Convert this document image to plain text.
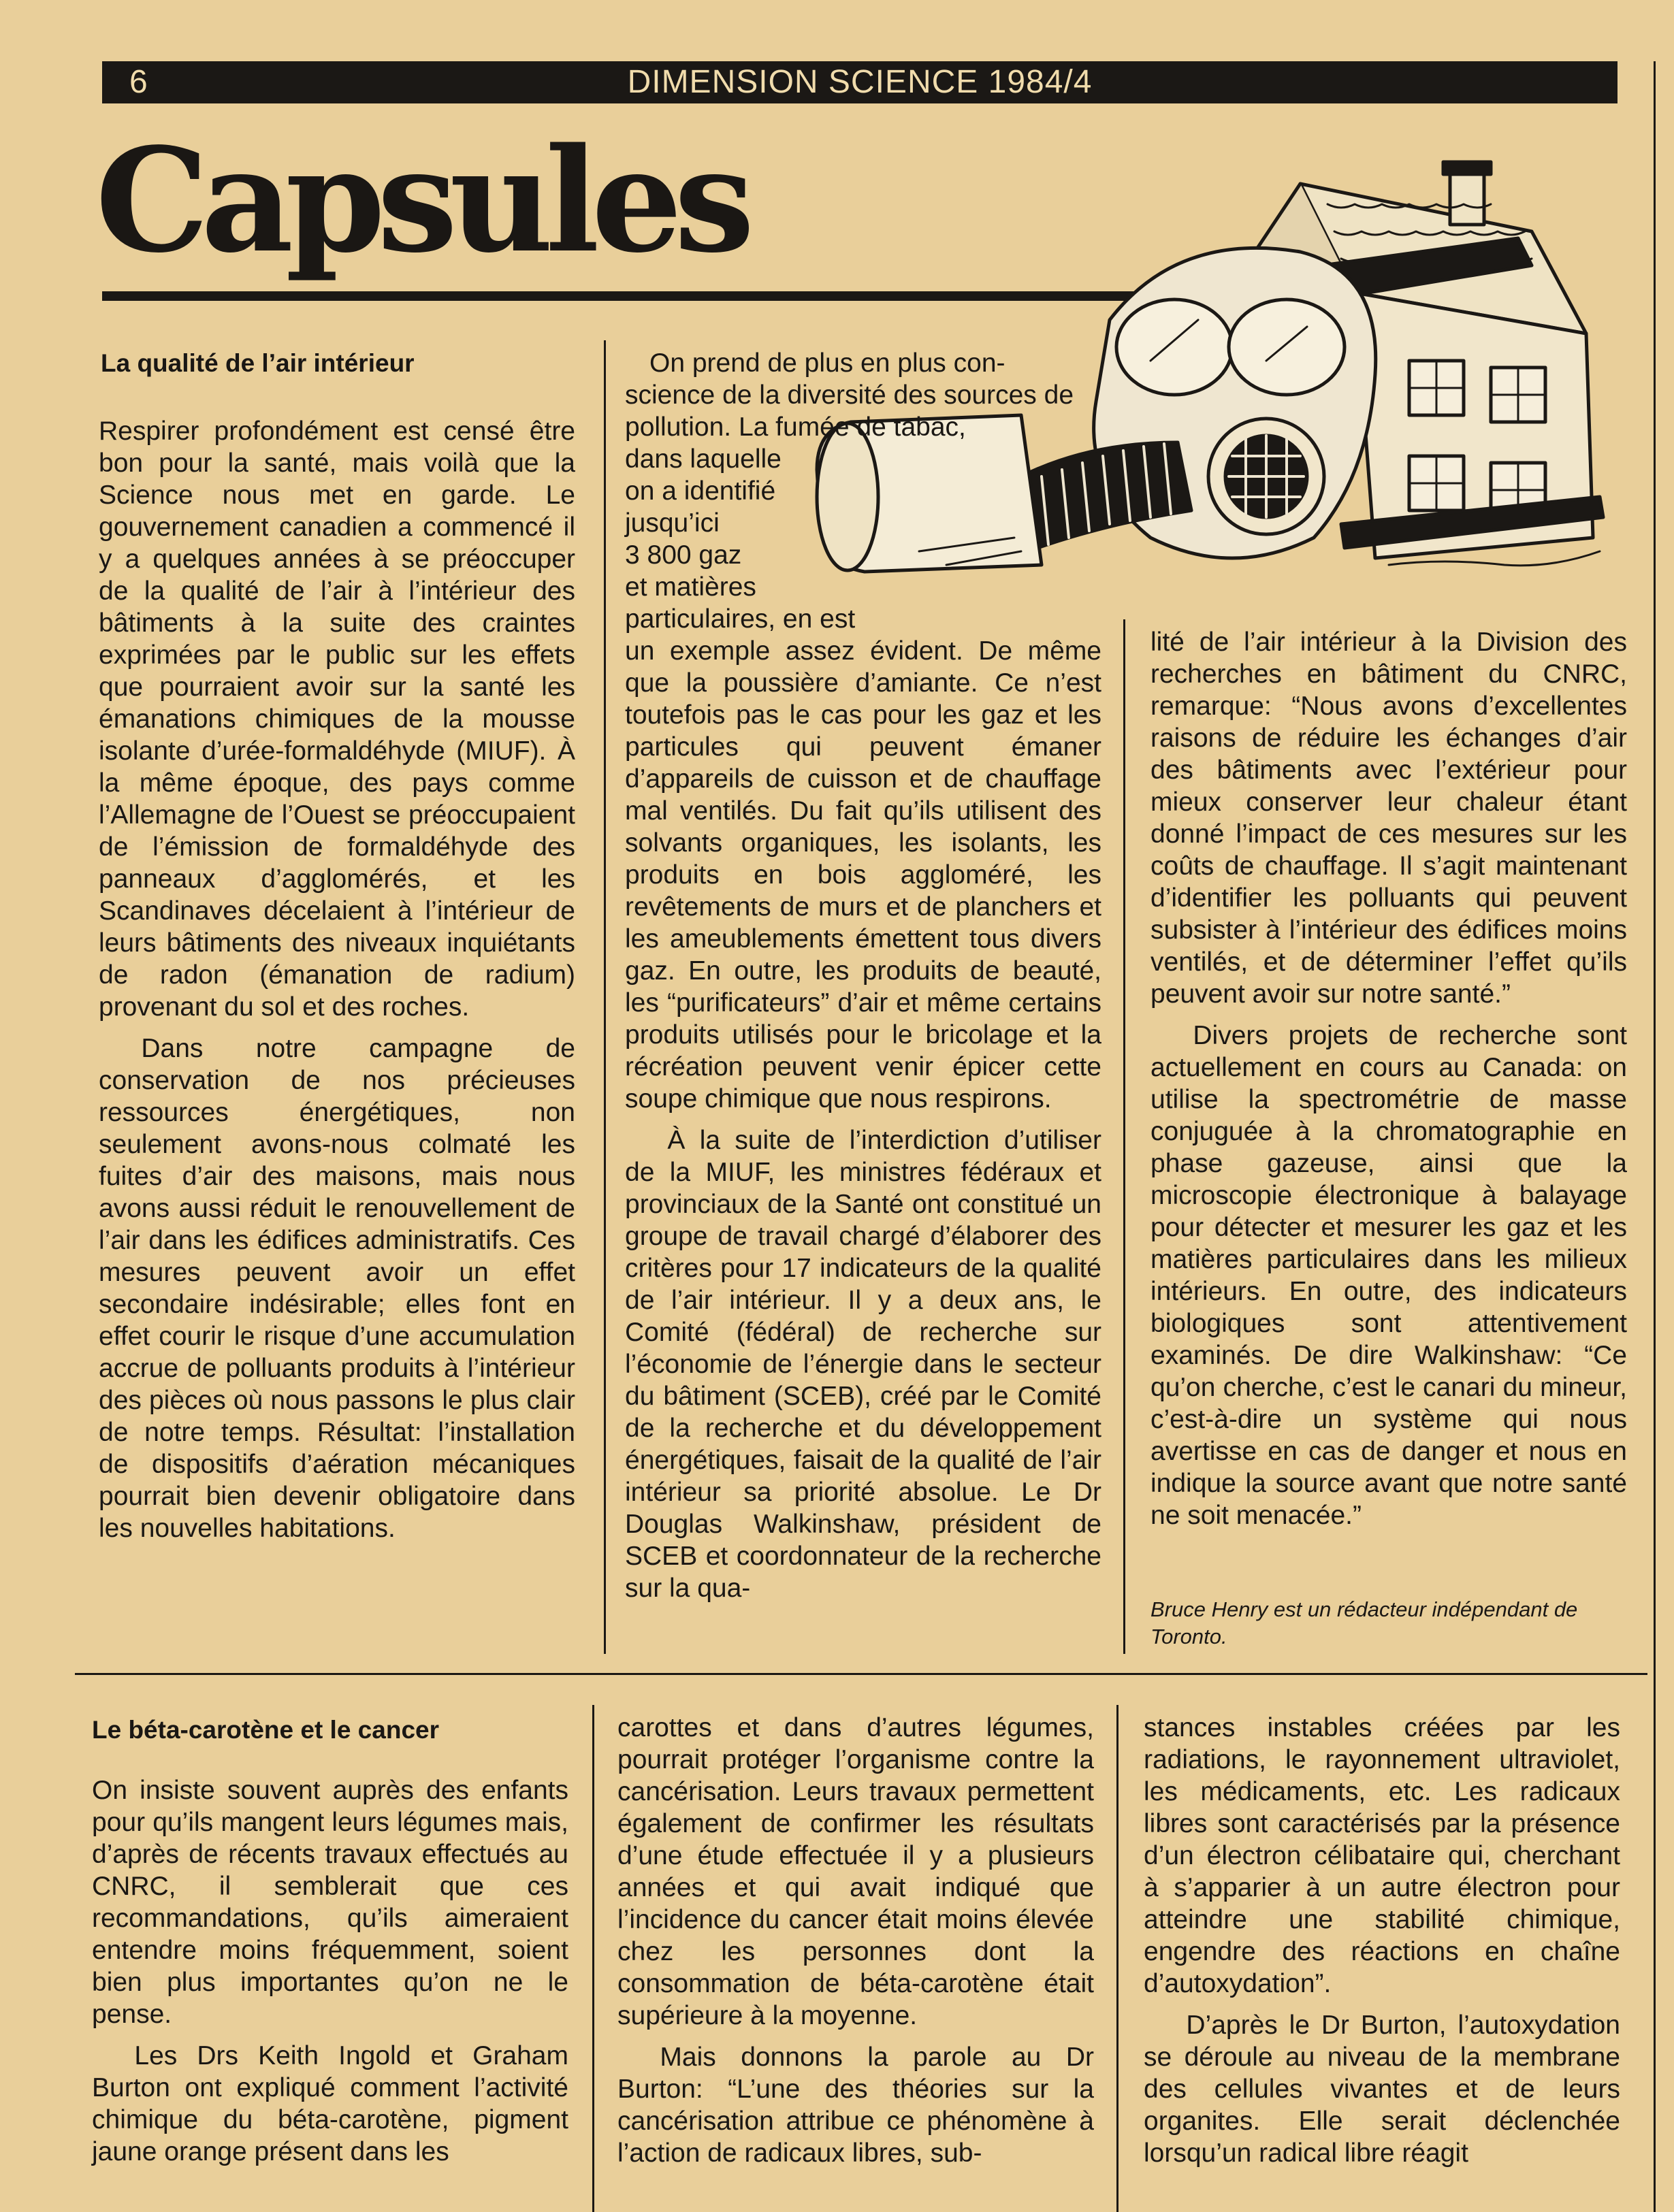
6	DIMENSION SCIENCE 1984/4
Capsules
La qualité de l’air intérieur

Respirer profondément est censé être bon pour la santé, mais voilà que la Science nous met en garde. Le gouvernement canadien a commencé il y a quelques années à se préoccuper de la qualité de l’air à l’intérieur des bâtiments à la suite des craintes exprimées par le public sur les effets que pourraient avoir sur la santé les émanations chimiques de la mousse isolante d’urée-formaldéhyde (MIUF). À la même époque, des pays comme l’Allemagne de l’Ouest se préoccupaient de l’émission de formaldéhyde des panneaux d’agglomérés, et les Scandinaves décelaient à l’intérieur de leurs bâtiments des niveaux inquiétants de radon (émanation de radium) provenant du sol et des roches.

Dans notre campagne de conservation de nos précieuses ressources énergétiques, non seulement avons-nous colmaté les fuites d’air des maisons, mais nous avons aussi réduit le renouvellement de l’air dans les édifices administratifs. Ces mesures peuvent avoir un effet secondaire indésirable; elles font en effet courir le risque d’une accumulation accrue de polluants produits à l’intérieur des pièces où nous passons le plus clair de notre temps. Résultat: l’installation de dispositifs d’aération mécaniques pourrait bien devenir obligatoire dans les nouvelles habitations.

On prend de plus en plus con-
science de la diversité des sources de
pollution. La fumée de tabac,
dans laquelle
on a identifié
jusqu’ici
3 800 gaz
et matières
particulaires, en est

un exemple assez évident. De même que la poussière d’amiante. Ce n’est toutefois pas le cas pour les gaz et les particules qui peuvent émaner d’appareils de cuisson et de chauffage mal ventilés. Du fait qu’ils utilisent des solvants organiques, les isolants, les produits en bois aggloméré, les revêtements de murs et de planchers et les ameublements émettent tous divers gaz. En outre, les produits de beauté, les “purificateurs” d’air et même certains produits utilisés pour le bricolage et la récréation peuvent venir épicer cette soupe chimique que nous respirons.

À la suite de l’interdiction d’utiliser de la MIUF, les ministres fédéraux et provinciaux de la Santé ont constitué un groupe de travail chargé d’élaborer des critères pour 17 indicateurs de la qualité de l’air intérieur. Il y a deux ans, le Comité (fédéral) de recherche sur l’économie de l’énergie dans le secteur du bâtiment (SCEB), créé par le Comité de la recherche et du développement énergétiques, faisait de la qualité de l’air intérieur sa priorité absolue. Le Dr Douglas Walkinshaw, président de SCEB et coordonnateur de la recherche sur la qua-

lité de l’air intérieur à la Division des recherches en bâtiment du CNRC, remarque: “Nous avons d’excellentes raisons de réduire les échanges d’air des bâtiments avec l’extérieur pour mieux conserver leur chaleur étant donné l’impact de ces mesures sur les coûts de chauffage. Il s’agit maintenant d’identifier les polluants qui peuvent subsister à l’intérieur des édifices moins ventilés, et de déterminer l’effet qu’ils peuvent avoir sur notre santé.”

Divers projets de recherche sont actuellement en cours au Canada: on utilise la spectrométrie de masse conjuguée à la chromatographie en phase gazeuse, ainsi que la microscopie électronique à balayage pour détecter et mesurer les gaz et les matières particulaires dans les milieux intérieurs. En outre, des indicateurs biologiques sont attentivement examinés. De dire Walkinshaw: “Ce qu’on cherche, c’est le canari du mineur, c’est-à-dire un système qui nous avertisse en cas de danger et nous en indique la source avant que notre santé ne soit menacée.”

Bruce Henry est un rédacteur indépendant de Toronto.

Le béta-carotène et le cancer

On insiste souvent auprès des enfants pour qu’ils mangent leurs légumes mais, d’après de récents travaux effectués au CNRC, il semblerait que ces recommandations, qu’ils aimeraient entendre moins fréquemment, soient bien plus importantes qu’on ne le pense.

Les Drs Keith Ingold et Graham Burton ont expliqué comment l’activité chimique du béta-carotène, pigment jaune orange présent dans les

carottes et dans d’autres légumes, pourrait protéger l’organisme contre la cancérisation. Leurs travaux permettent également de confirmer les résultats d’une étude effectuée il y a plusieurs années et qui avait indiqué que l’incidence du cancer était moins élevée chez les personnes dont la consommation de béta-carotène était supérieure à la moyenne.

Mais donnons la parole au Dr Burton: “L’une des théories sur la cancérisation attribue ce phénomène à l’action de radicaux libres, sub-

stances instables créées par les radiations, le rayonnement ultraviolet, les médicaments, etc. Les radicaux libres sont caractérisés par la présence d’un électron célibataire qui, cherchant à s’apparier à un autre électron pour atteindre une stabilité chimique, engendre des réactions en chaîne d’autoxydation”.

D’après le Dr Burton, l’autoxydation se déroule au niveau de la membrane des cellules vivantes et de leurs organites. Elle serait déclenchée lorsqu’un radical libre réagit
